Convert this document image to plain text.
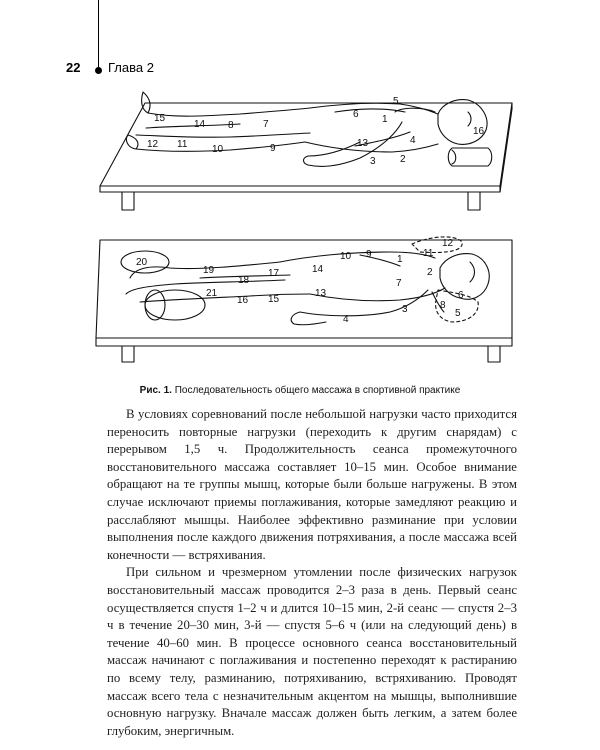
22 Глава 2
5
6 1
15
14 8	7
4
16
12 11 10	9	13
2
3
12
11
10 9	1
20
19	17	14	2
18	7
21	13
16 15	6
8
3	5
4
Рис. 1. Последовательность общего массажа в спортивной практике

В условиях соревнований после небольшой нагрузки часто приходится переносить повторные нагрузки (переходить к другим снарядам) с перерывом 1,5 ч. Продолжительность сеанса промежуточного восстановительного массажа составляет 10–15 мин. Особое внимание обращают на те группы мышц, которые были больше нагружены. В этом случае исключают приемы поглаживания, которые замедляют реакцию и расслабляют мышцы. Наиболее эффективно разминание при условии выполнения после каждого движения потряхивания, а после массажа всей конечности — встряхивания.

При сильном и чрезмерном утомлении после физических нагрузок восстановительный массаж проводится 2–3 раза в день. Первый сеанс осуществляется спустя 1–2 ч и длится 10–15 мин, 2-й сеанс — спустя 2–3 ч в течение 20–30 мин, 3-й — спустя 5–6 ч (или на следующий день) в течение 40–60 мин. В процессе основного сеанса восстановительный массаж начинают с поглаживания и постепенно переходят к растиранию по всему телу, разминанию, потряхиванию, встряхиванию. Проводят массаж всего тела с незначительным акцентом на мышцы, выполнившие основную нагрузку. Вначале массаж должен быть легким, а затем более глубоким, энергичным.
